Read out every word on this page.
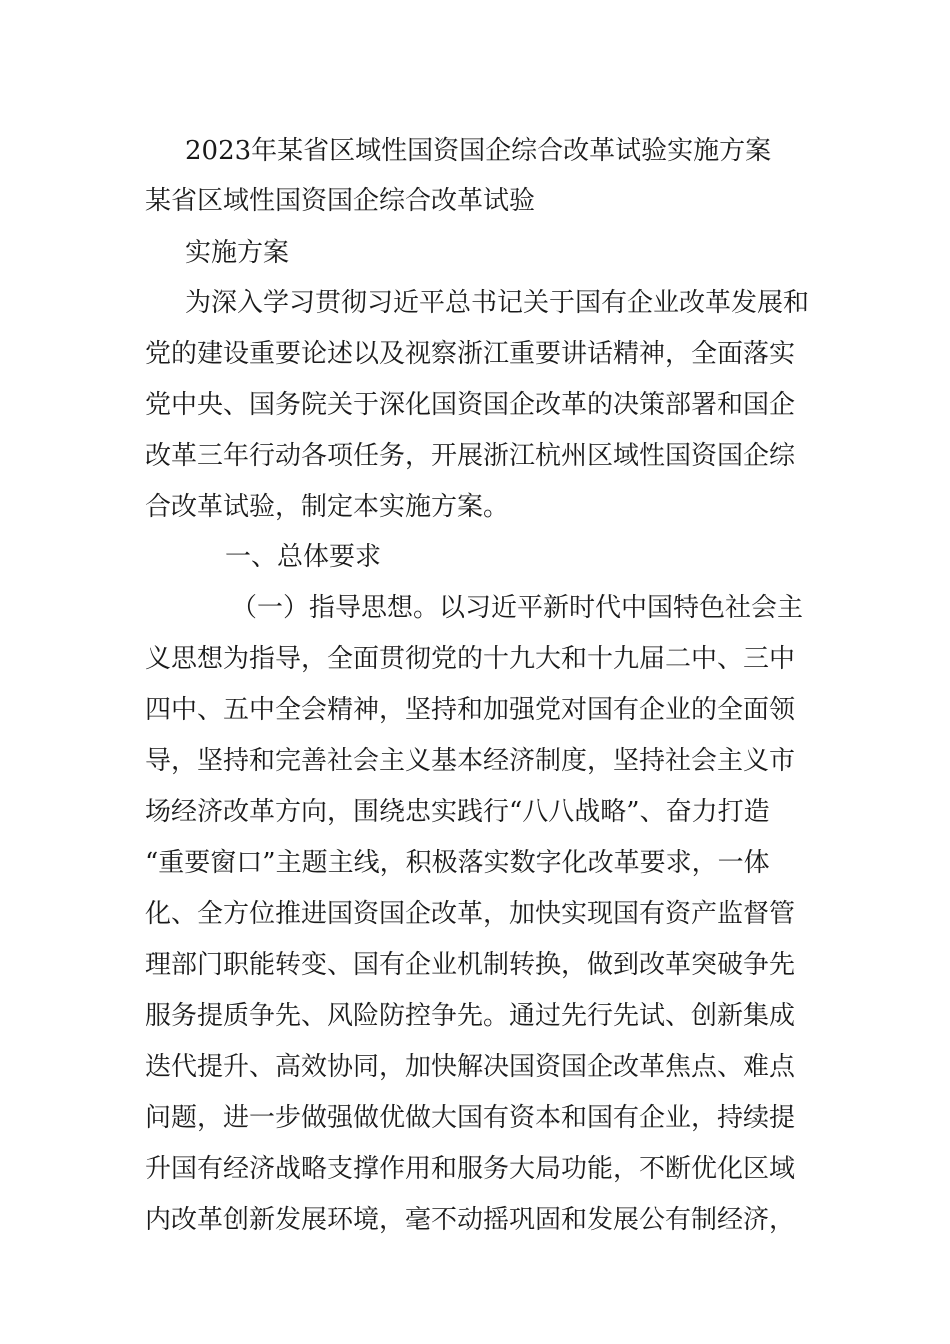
2023年某省区域性国资国企综合改革试验实施方案
某省区域性国资国企综合改革试验
实施方案
为深入学习贯彻习近平总书记关于国有企业改革发展和
党的建设重要论述以及视察浙江重要讲话精神，全面落实
党中央、国务院关于深化国资国企改革的决策部署和国企
改革三年行动各项任务，开展浙江杭州区域性国资国企综
合改革试验，制定本实施方案。
一、总体要求
（一）指导思想。以习近平新时代中国特色社会主
义思想为指导，全面贯彻党的十九大和十九届二中、三中
四中、五中全会精神，坚持和加强党对国有企业的全面领
导，坚持和完善社会主义基本经济制度，坚持社会主义市
场经济改革方向，围绕忠实践行“八八战略”、奋力打造
“重要窗口”主题主线，积极落实数字化改革要求，一体
化、全方位推进国资国企改革，加快实现国有资产监督管
理部门职能转变、国有企业机制转换，做到改革突破争先
服务提质争先、风险防控争先。通过先行先试、创新集成
迭代提升、高效协同，加快解决国资国企改革焦点、难点
问题，进一步做强做优做大国有资本和国有企业，持续提
升国有经济战略支撑作用和服务大局功能，不断优化区域
内改革创新发展环境，毫不动摇巩固和发展公有制经济，
